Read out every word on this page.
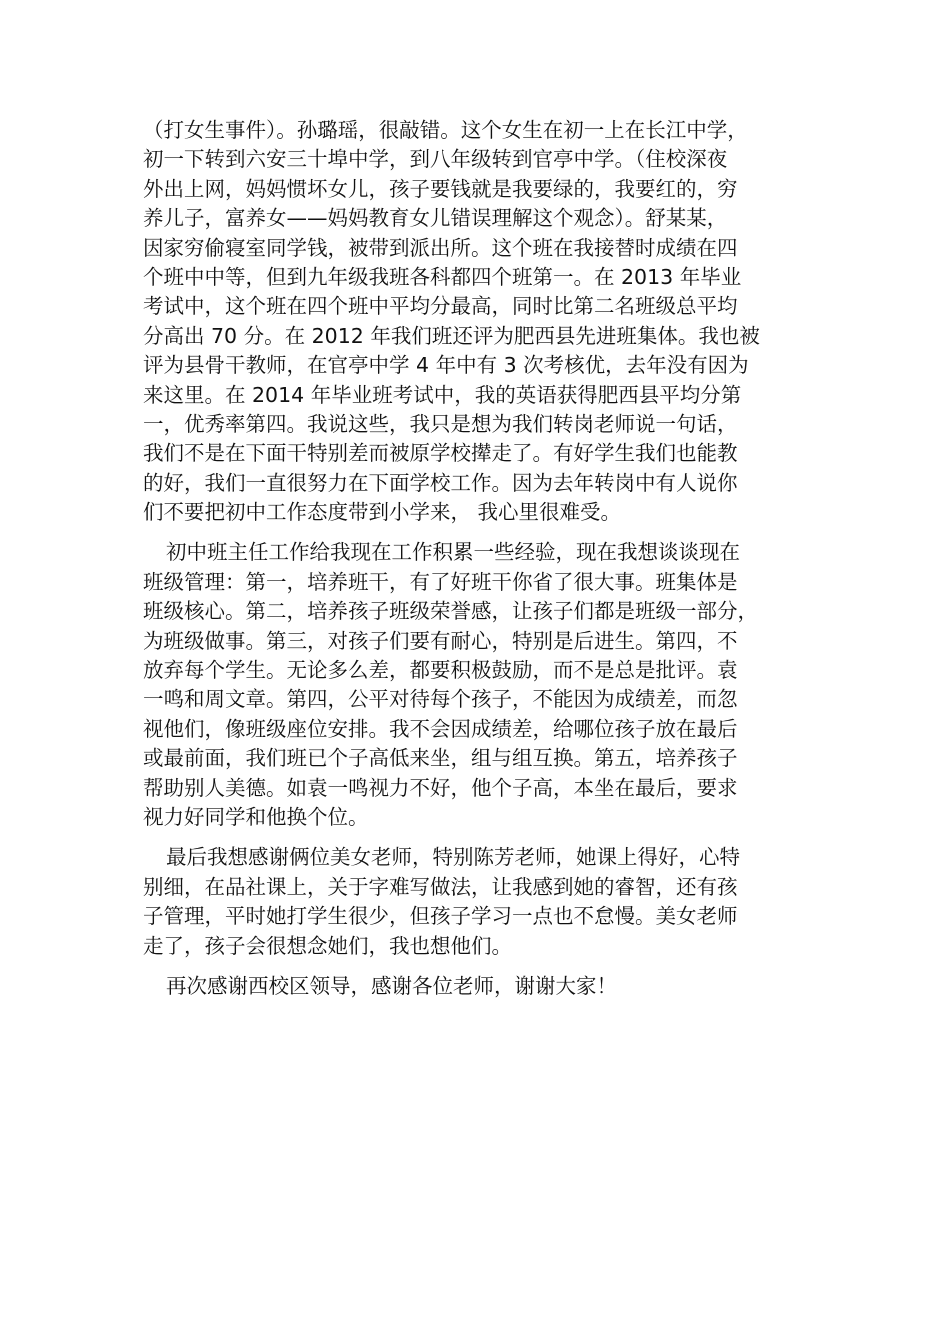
（打女生事件）。孙璐瑶，很敲错。这个女生在初一上在长江中学，
初一下转到六安三十埠中学，到八年级转到官亭中学。（住校深夜
外出上网，妈妈惯坏女儿，孩子要钱就是我要绿的，我要红的，穷
养儿子，富养女——妈妈教育女儿错误理解这个观念）。舒某某，
因家穷偷寝室同学钱，被带到派出所。这个班在我接替时成绩在四
个班中中等，但到九年级我班各科都四个班第一。在 2013 年毕业
考试中，这个班在四个班中平均分最高，同时比第二名班级总平均
分高出 70 分。在 2012 年我们班还评为肥西县先进班集体。我也被
评为县骨干教师，在官亭中学 4 年中有 3 次考核优，去年没有因为
来这里。在 2014 年毕业班考试中，我的英语获得肥西县平均分第
一，优秀率第四。我说这些，我只是想为我们转岗老师说一句话，
我们不是在下面干特别差而被原学校撵走了。有好学生我们也能教
的好，我们一直很努力在下面学校工作。因为去年转岗中有人说你
们不要把初中工作态度带到小学来， 我心里很难受。

初中班主任工作给我现在工作积累一些经验，现在我想谈谈现在
班级管理：第一，培养班干，有了好班干你省了很大事。班集体是
班级核心。第二，培养孩子班级荣誉感，让孩子们都是班级一部分，
为班级做事。第三，对孩子们要有耐心，特别是后进生。第四，不
放弃每个学生。无论多么差，都要积极鼓励，而不是总是批评。袁
一鸣和周文章。第四，公平对待每个孩子，不能因为成绩差，而忽
视他们，像班级座位安排。我不会因成绩差，给哪位孩子放在最后
或最前面，我们班已个子高低来坐，组与组互换。第五，培养孩子
帮助别人美德。如袁一鸣视力不好，他个子高，本坐在最后，要求
视力好同学和他换个位。

最后我想感谢俩位美女老师，特别陈芳老师，她课上得好，心特
别细，在品社课上，关于字难写做法，让我感到她的睿智，还有孩
子管理，平时她打学生很少，但孩子学习一点也不怠慢。美女老师
走了，孩子会很想念她们，我也想他们。

再次感谢西校区领导，感谢各位老师，谢谢大家！
